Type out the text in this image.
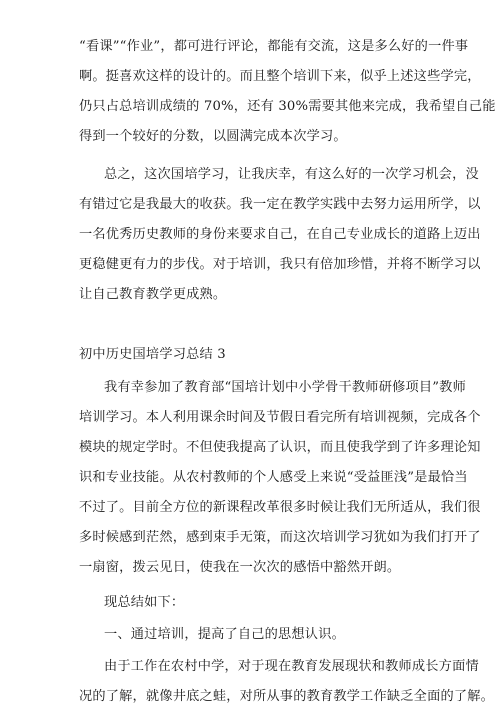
“看课”“作业”，都可进行评论，都能有交流，这是多么好的一件事
啊。挺喜欢这样的设计的。而且整个培训下来，似乎上述这些学完，
仍只占总培训成绩的 70%，还有 30%需要其他来完成，我希望自己能
得到一个较好的分数，以圆满完成本次学习。
总之，这次国培学习，让我庆幸，有这么好的一次学习机会，没
有错过它是我最大的收获。我一定在教学实践中去努力运用所学，以
一名优秀历史教师的身份来要求自己，在自己专业成长的道路上迈出
更稳健更有力的步伐。对于培训，我只有倍加珍惜，并将不断学习以
让自己教育教学更成熟。
初中历史国培学习总结 3
我有幸参加了教育部“国培计划中小学骨干教师研修项目”教师
培训学习。本人利用课余时间及节假日看完所有培训视频，完成各个
模块的规定学时。不但使我提高了认识，而且使我学到了许多理论知
识和专业技能。从农村教师的个人感受上来说“受益匪浅”是最恰当
不过了。目前全方位的新课程改革很多时候让我们无所适从，我们很
多时候感到茫然，感到束手无策，而这次培训学习犹如为我们打开了
一扇窗，拨云见日，使我在一次次的感悟中豁然开朗。
现总结如下：
一、通过培训，提高了自己的思想认识。
由于工作在农村中学，对于现在教育发展现状和教师成长方面情
况的了解，就像井底之蛙，对所从事的教育教学工作缺乏全面的了解。
